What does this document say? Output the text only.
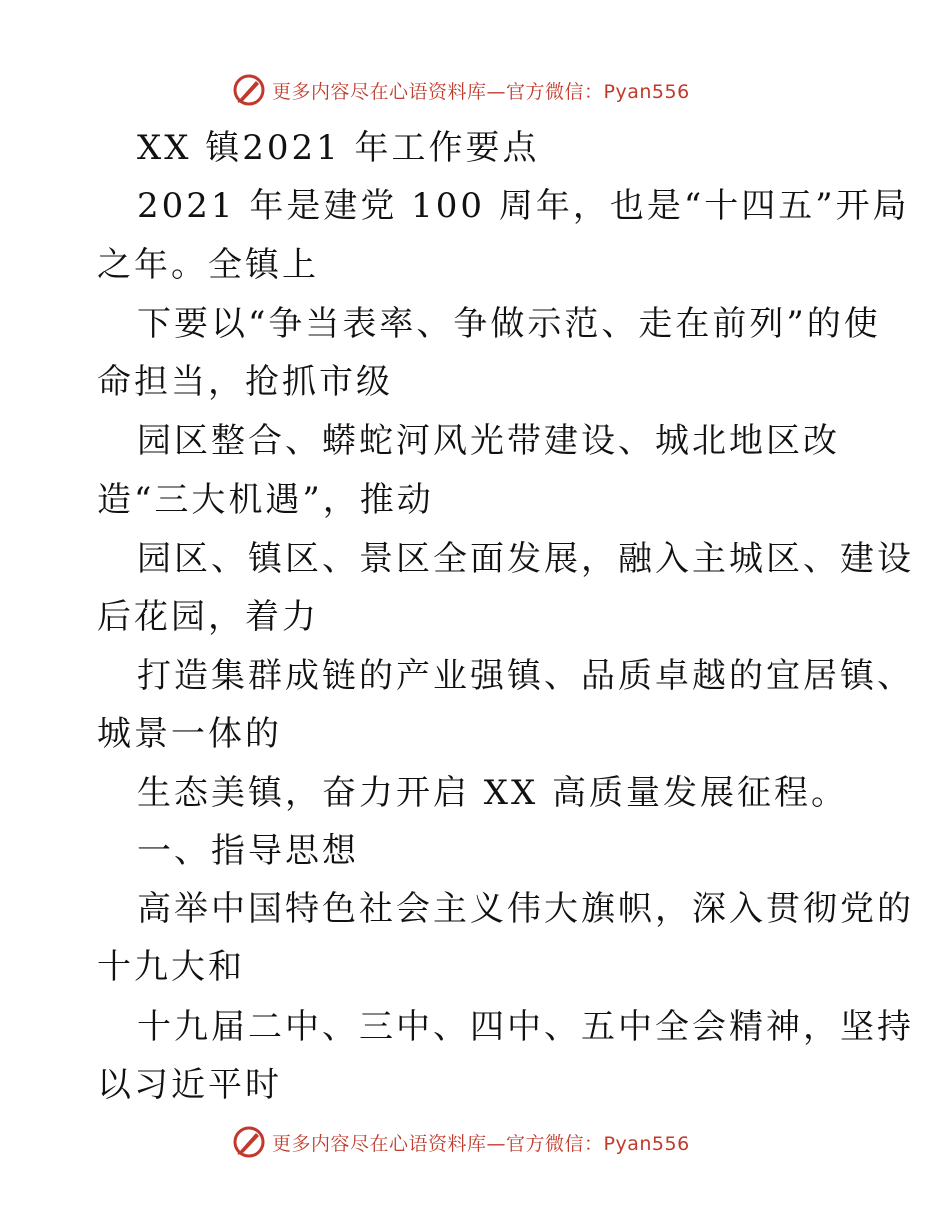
更多内容尽在心语资料库—官方微信：Pyan556
XX 镇2021 年工作要点
2021 年是建党 100 周年，也是“十四五”开局
之年。全镇上
下要以“争当表率、争做示范、走在前列”的使
命担当，抢抓市级
园区整合、蟒蛇河风光带建设、城北地区改
造“三大机遇”，推动
园区、镇区、景区全面发展，融入主城区、建设
后花园，着力
打造集群成链的产业强镇、品质卓越的宜居镇、
城景一体的
生态美镇，奋力开启 XX 高质量发展征程。
一、指导思想
高举中国特色社会主义伟大旗帜，深入贯彻党的
十九大和
十九届二中、三中、四中、五中全会精神，坚持
以习近平时
更多内容尽在心语资料库—官方微信：Pyan556
